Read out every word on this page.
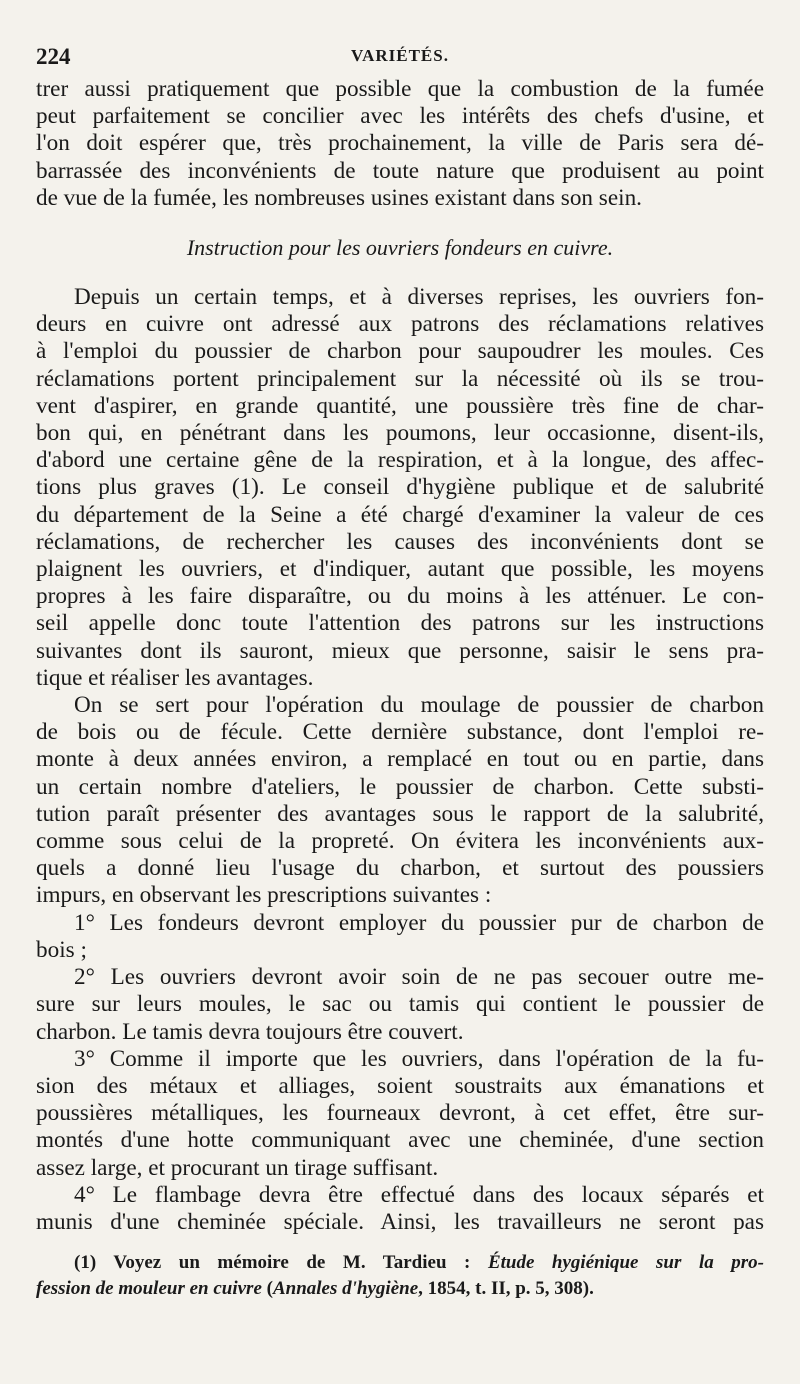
224	VARIÉTÉS.
trer aussi pratiquement que possible que la combustion de la fumée
peut parfaitement se concilier avec les intérêts des chefs d'usine, et
l'on doit espérer que, très prochainement, la ville de Paris sera dé-
barrassée des inconvénients de toute nature que produisent au point
de vue de la fumée, les nombreuses usines existant dans son sein.
Instruction pour les ouvriers fondeurs en cuivre.
Depuis un certain temps, et à diverses reprises, les ouvriers fon-
deurs en cuivre ont adressé aux patrons des réclamations relatives
à l'emploi du poussier de charbon pour saupoudrer les moules. Ces
réclamations portent principalement sur la nécessité où ils se trou-
vent d'aspirer, en grande quantité, une poussière très fine de char-
bon qui, en pénétrant dans les poumons, leur occasionne, disent-ils,
d'abord une certaine gêne de la respiration, et à la longue, des affec-
tions plus graves (1). Le conseil d'hygiène publique et de salubrité
du département de la Seine a été chargé d'examiner la valeur de ces
réclamations, de rechercher les causes des inconvénients dont se
plaignent les ouvriers, et d'indiquer, autant que possible, les moyens
propres à les faire disparaître, ou du moins à les atténuer. Le con-
seil appelle donc toute l'attention des patrons sur les instructions
suivantes dont ils sauront, mieux que personne, saisir le sens pra-
tique et réaliser les avantages.
On se sert pour l'opération du moulage de poussier de charbon
de bois ou de fécule. Cette dernière substance, dont l'emploi re-
monte à deux années environ, a remplacé en tout ou en partie, dans
un certain nombre d'ateliers, le poussier de charbon. Cette substi-
tution paraît présenter des avantages sous le rapport de la salubrité,
comme sous celui de la propreté. On évitera les inconvénients aux-
quels a donné lieu l'usage du charbon, et surtout des poussiers
impurs, en observant les prescriptions suivantes :
1° Les fondeurs devront employer du poussier pur de charbon de
bois ;
2° Les ouvriers devront avoir soin de ne pas secouer outre me-
sure sur leurs moules, le sac ou tamis qui contient le poussier de
charbon. Le tamis devra toujours être couvert.
3° Comme il importe que les ouvriers, dans l'opération de la fu-
sion des métaux et alliages, soient soustraits aux émanations et
poussières métalliques, les fourneaux devront, à cet effet, être sur-
montés d'une hotte communiquant avec une cheminée, d'une section
assez large, et procurant un tirage suffisant.
4° Le flambage devra être effectué dans des locaux séparés et
munis d'une cheminée spéciale. Ainsi, les travailleurs ne seront pas
(1) Voyez un mémoire de M. Tardieu : Étude hygiénique sur la pro-
fession de mouleur en cuivre (Annales d'hygiène, 1854, t. II, p. 5, 308).
